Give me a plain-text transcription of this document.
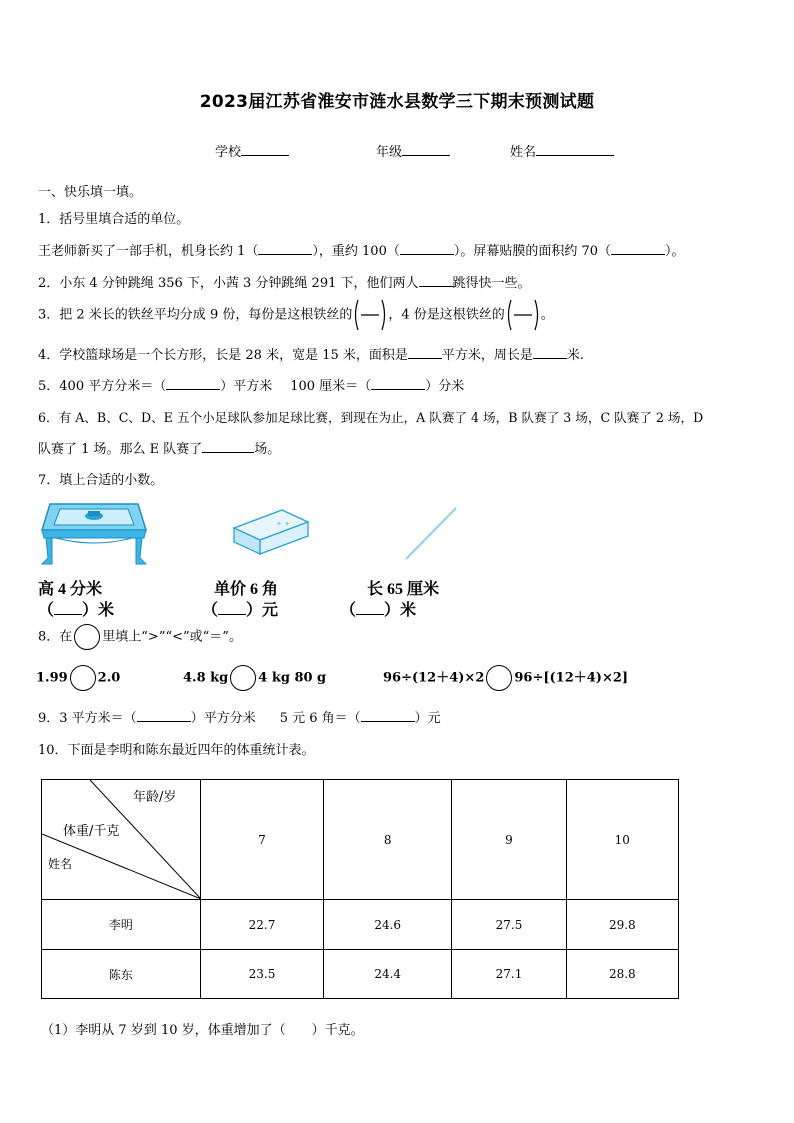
2023届江苏省淮安市涟水县数学三下期末预测试题
学校	年级	姓名
一、快乐填一填。
1．括号里填合适的单位。
王老师新买了一部手机，机身长约 1（	），重约 100（	）。屏幕贴膜的面积约 70（	）。
2．小东 4 分钟跳绳 356 下，小茜 3 分钟跳绳 291 下，他们两人	跳得快一些。
3．把 2 米长的铁丝平均分成 9 份，每份是这根铁丝的	，4 份是这根铁丝的	。
4．学校篮球场是一个长方形，长是 28 米，宽是 15 米，面积是	平方米，周长是	米.
5．400 平方分米＝（	）平方米 100 厘米＝（	）分米
6．有 A、B、C、D、E 五个小足球队参加足球比赛，到现在为止，A 队赛了 4 场，B 队赛了 3 场，C 队赛了 2 场，D
队赛了 1 场。那么 E 队赛了	场。
7．填上合适的小数。
✦ ✦
高 4 分米	单价 6 角	长 65 厘米
（ ）米	（ ）元	（ ）米
8．在 里填上“>”“<”或“＝”。
1.99 2.0	4.8 kg 4 kg 80 g	96÷(12＋4)×2 96÷[(12＋4)×2]
9．3 平方米＝（	）平方分米 5 元 6 角＝（	）元
10．下面是李明和陈东最近四年的体重统计表。
年龄/岁
体重/千克
姓名	7	8	9	10
李明	22.7	24.6	27.5	29.8
陈东	23.5	24.4	27.1	28.8
（1）李明从 7 岁到 10 岁，体重增加了（　　）千克。
